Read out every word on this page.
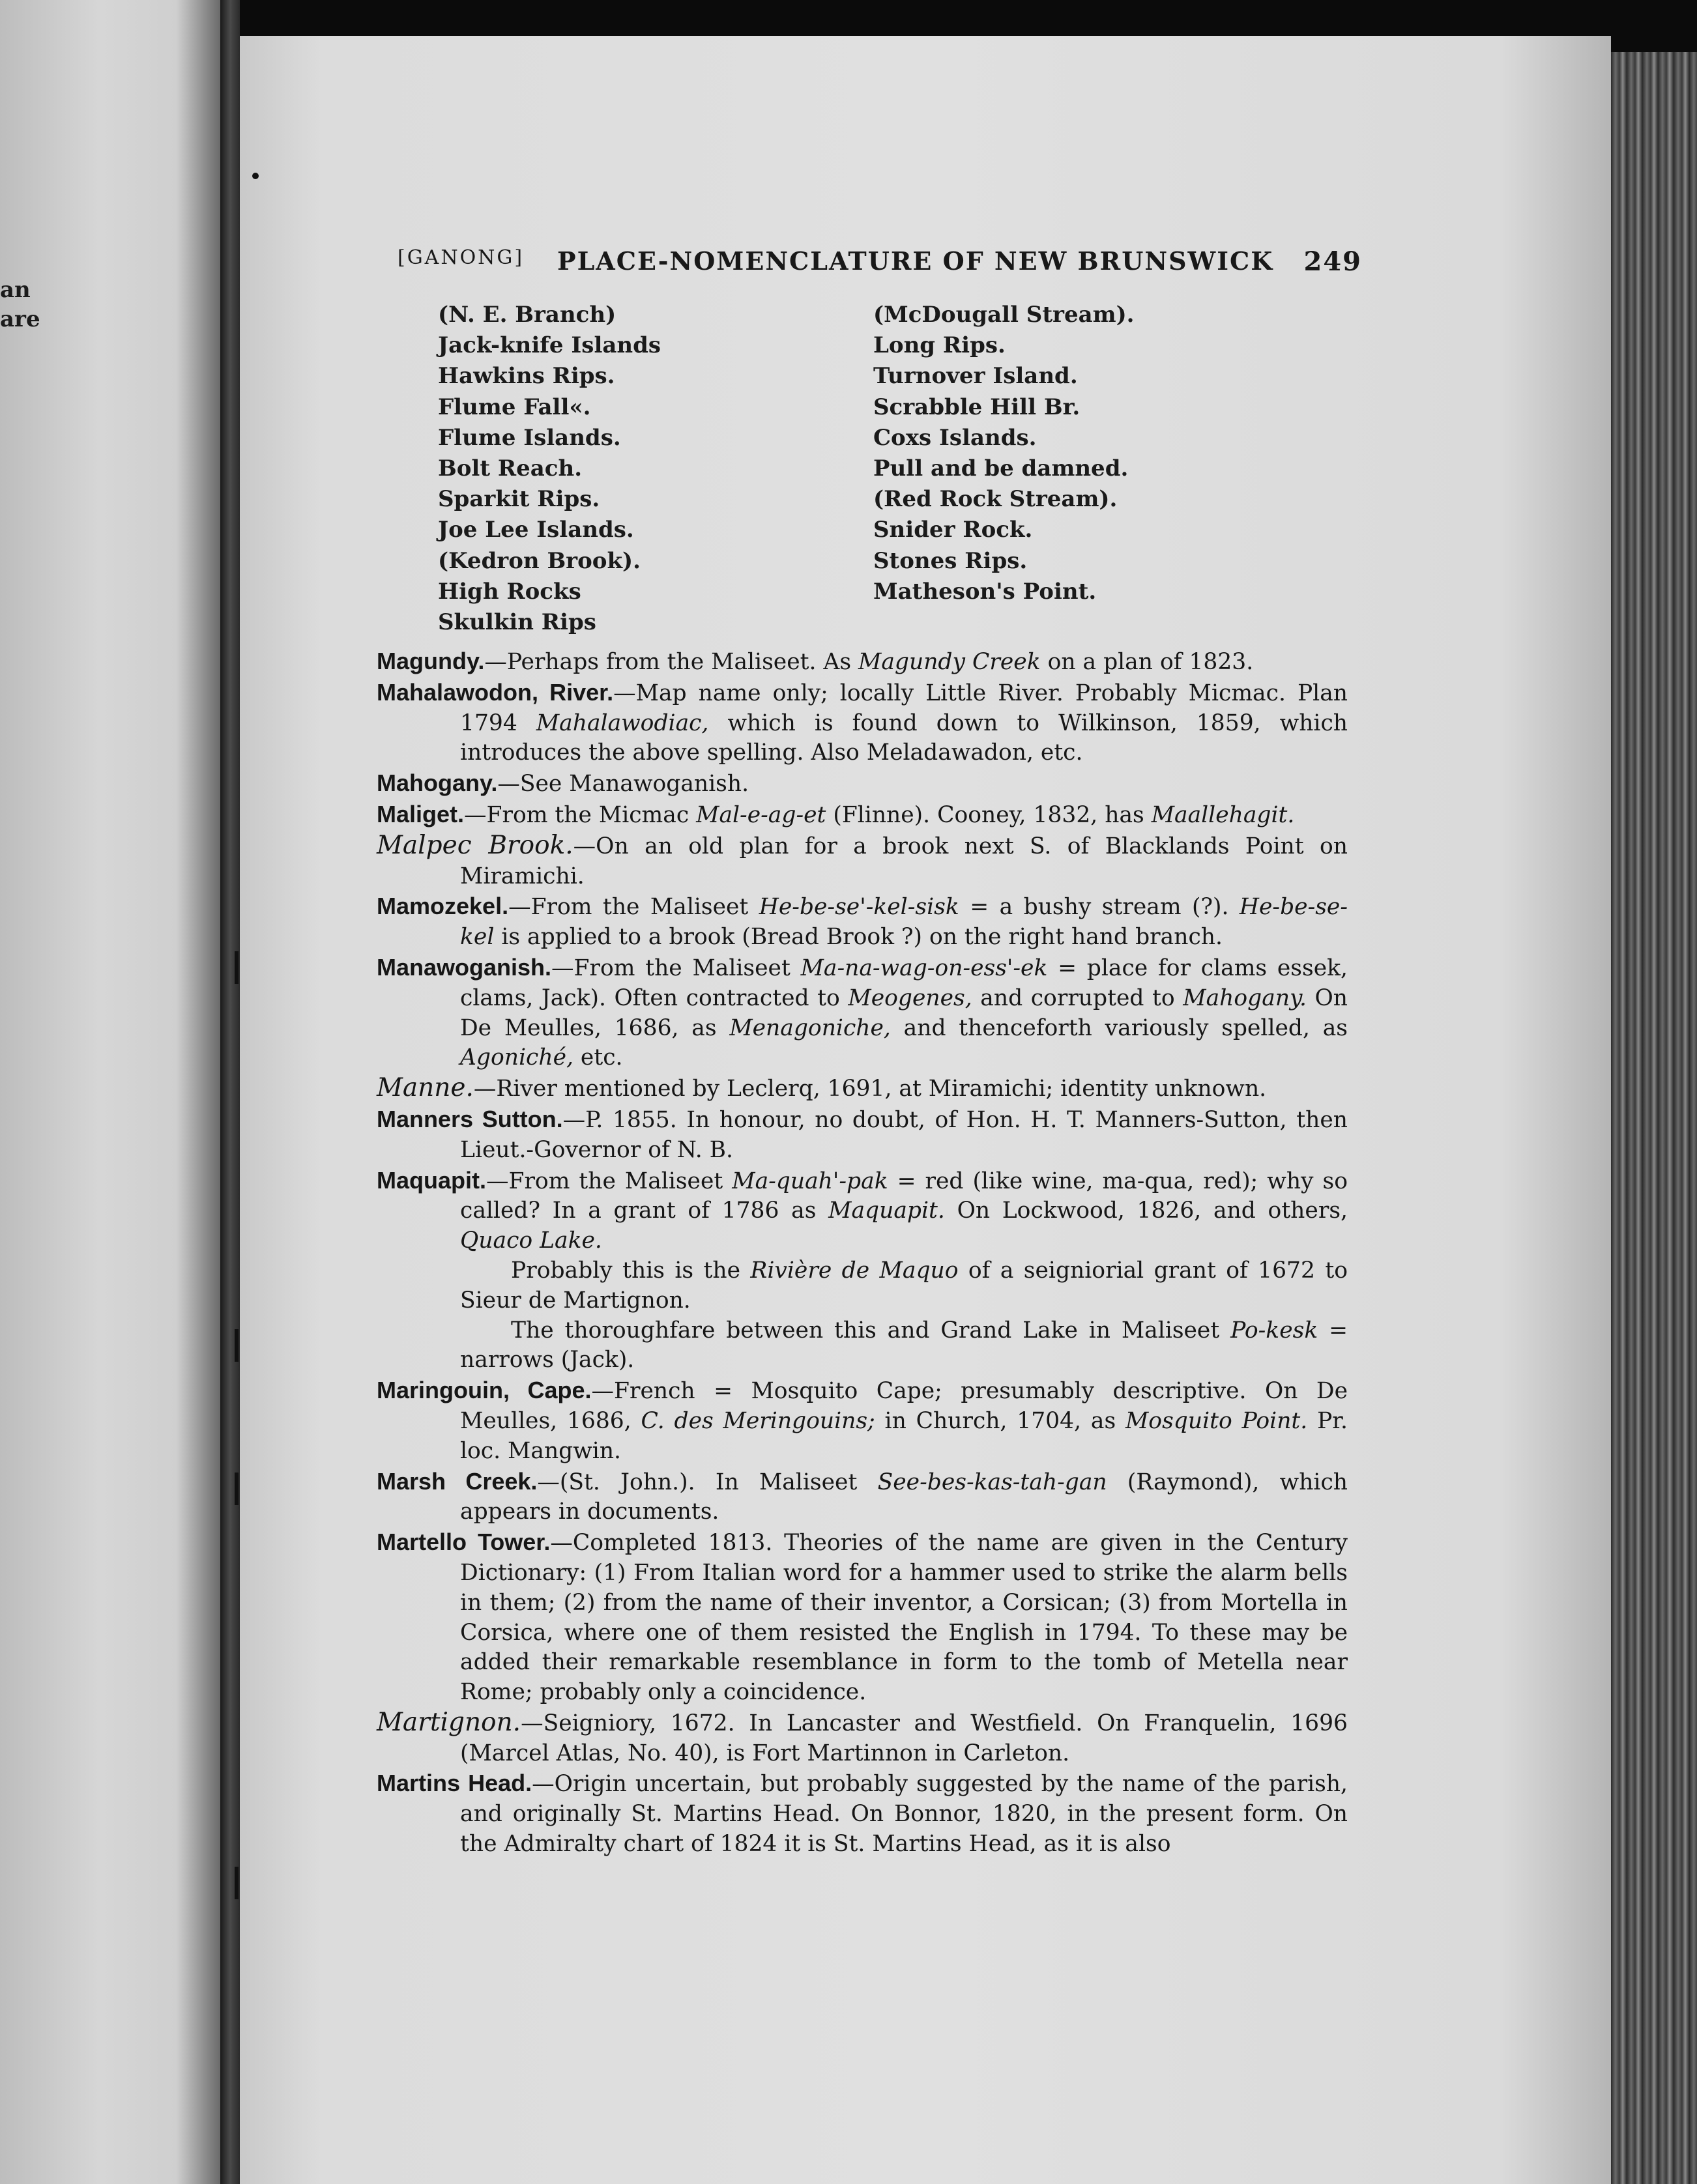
an
are
[GANONG] PLACE-NOMENCLATURE OF NEW BRUNSWICK 249
(N. E. Branch)
Jack-knife Islands
Hawkins Rips.
Flume Fall«.
Flume Islands.
Bolt Reach.
Sparkit Rips.
Joe Lee Islands.
(Kedron Brook).
High Rocks
Skulkin Rips
(McDougall Stream).
Long Rips.
Turnover Island.
Scrabble Hill Br.
Coxs Islands.
Pull and be damned.
(Red Rock Stream).
Snider Rock.
Stones Rips.
Matheson's Point.
Magundy.—Perhaps from the Maliseet. As Magundy Creek on a plan of 1823.
Mahalawodon, River.—Map name only; locally Little River. Probably Micmac. Plan 1794 Mahalawodiac, which is found down to Wilkinson, 1859, which introduces the above spelling. Also Meladawadon, etc.
Mahogany.—See Manawoganish.
Maliget.—From the Micmac Mal-e-ag-et (Flinne). Cooney, 1832, has Maallehagit.
Malpec Brook.—On an old plan for a brook next S. of Blacklands Point on Miramichi.
Mamozekel.—From the Maliseet He-be-se'-kel-sisk = a bushy stream (?). He-be-se-kel is applied to a brook (Bread Brook ?) on the right hand branch.
Manawoganish.—From the Maliseet Ma-na-wag-on-ess'-ek = place for clams essek, clams, Jack). Often contracted to Meogenes, and corrupted to Mahogany. On De Meulles, 1686, as Menagoniche, and thenceforth variously spelled, as Agoniché, etc.
Manne.—River mentioned by Leclerq, 1691, at Miramichi; identity unknown.
Manners Sutton.—P. 1855. In honour, no doubt, of Hon. H. T. Manners-Sutton, then Lieut.-Governor of N. B.
Maquapit.—From the Maliseet Ma-quah'-pak = red (like wine, ma-qua, red); why so called? In a grant of 1786 as Maquapit. On Lockwood, 1826, and others, Quaco Lake.
Probably this is the Rivière de Maquo of a seigniorial grant of 1672 to Sieur de Martignon.
The thoroughfare between this and Grand Lake in Maliseet Po-kesk = narrows (Jack).
Maringouin, Cape.—French = Mosquito Cape; presumably descriptive. On De Meulles, 1686, C. des Meringouins; in Church, 1704, as Mosquito Point. Pr. loc. Mangwin.
Marsh Creek.—(St. John.). In Maliseet See-bes-kas-tah-gan (Raymond), which appears in documents.
Martello Tower.—Completed 1813. Theories of the name are given in the Century Dictionary: (1) From Italian word for a hammer used to strike the alarm bells in them; (2) from the name of their inventor, a Corsican; (3) from Mortella in Corsica, where one of them resisted the English in 1794. To these may be added their remarkable resemblance in form to the tomb of Metella near Rome; probably only a coincidence.
Martignon.—Seigniory, 1672. In Lancaster and Westfield. On Franquelin, 1696 (Marcel Atlas, No. 40), is Fort Martinnon in Carleton.
Martins Head.—Origin uncertain, but probably suggested by the name of the parish, and originally St. Martins Head. On Bonnor, 1820, in the present form. On the Admiralty chart of 1824 it is St. Martins Head, as it is also
